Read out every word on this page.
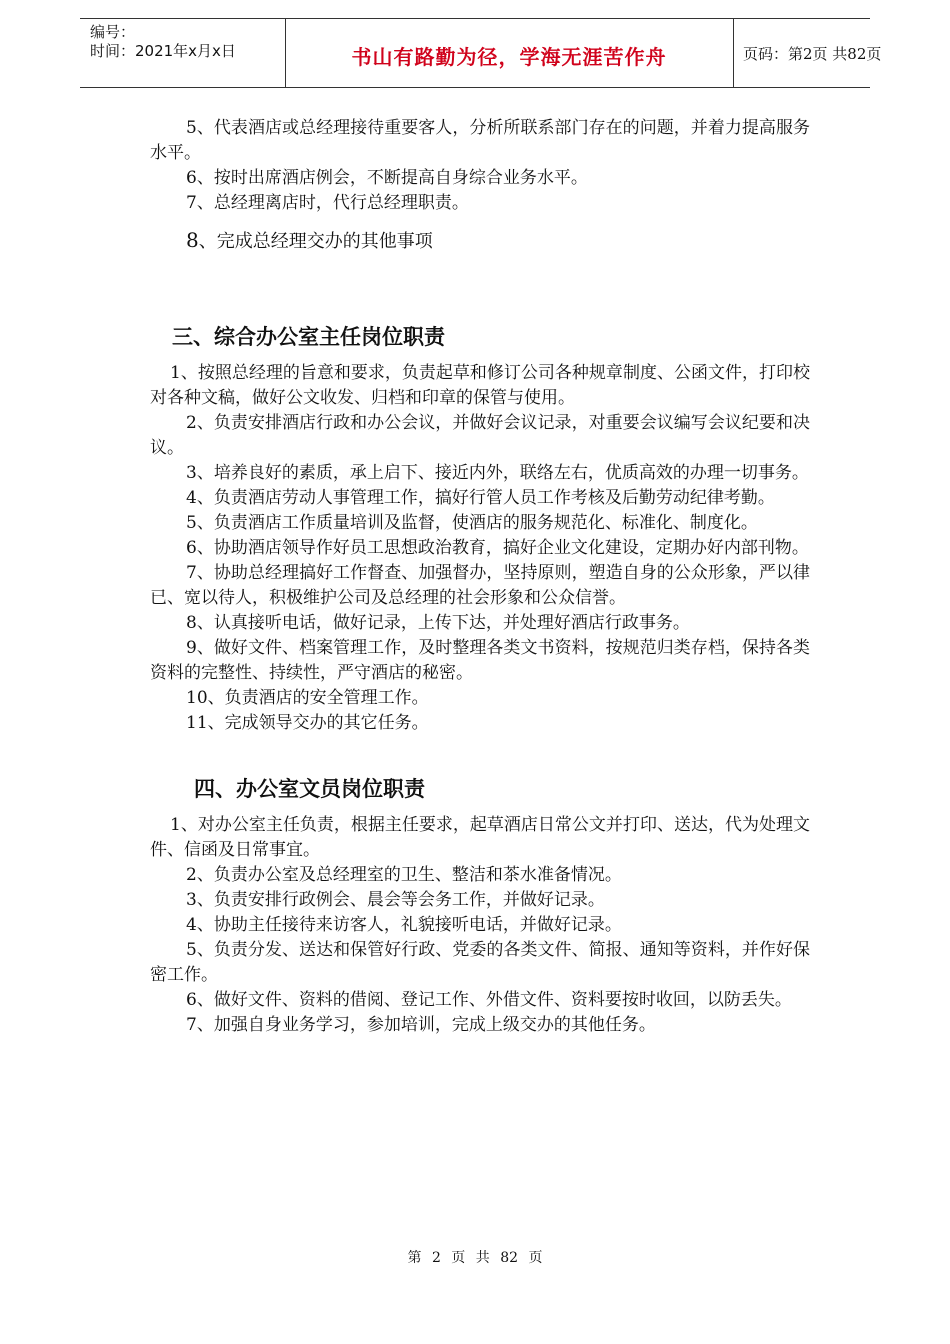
编号：
时间：2021年x月x日	书山有路勤为径，学海无涯苦作舟	页码：第2页 共82页

5、代表酒店或总经理接待重要客人，分析所联系部门存在的问题，并着力提高服务水平。

6、按时出席酒店例会，不断提高自身综合业务水平。

7、总经理离店时，代行总经理职责。

8、完成总经理交办的其他事项

三、综合办公室主任岗位职责

1、按照总经理的旨意和要求，负责起草和修订公司各种规章制度、公函文件，打印校对各种文稿，做好公文收发、归档和印章的保管与使用。

2、负责安排酒店行政和办公会议，并做好会议记录，对重要会议编写会议纪要和决议。

3、培养良好的素质，承上启下、接近内外，联络左右，优质高效的办理一切事务。

4、负责酒店劳动人事管理工作，搞好行管人员工作考核及后勤劳动纪律考勤。

5、负责酒店工作质量培训及监督，使酒店的服务规范化、标准化、制度化。

6、协助酒店领导作好员工思想政治教育，搞好企业文化建设，定期办好内部刊物。

7、协助总经理搞好工作督查、加强督办，坚持原则，塑造自身的公众形象，严以律已、宽以待人，积极维护公司及总经理的社会形象和公众信誉。

8、认真接听电话，做好记录，上传下达，并处理好酒店行政事务。

9、做好文件、档案管理工作，及时整理各类文书资料，按规范归类存档，保持各类资料的完整性、持续性，严守酒店的秘密。

10、负责酒店的安全管理工作。

11、完成领导交办的其它任务。

四、办公室文员岗位职责

1、对办公室主任负责，根据主任要求，起草酒店日常公文并打印、送达，代为处理文件、信函及日常事宜。

2、负责办公室及总经理室的卫生、整洁和茶水准备情况。

3、负责安排行政例会、晨会等会务工作，并做好记录。

4、协助主任接待来访客人，礼貌接听电话，并做好记录。

5、负责分发、送达和保管好行政、党委的各类文件、简报、通知等资料，并作好保密工作。

6、做好文件、资料的借阅、登记工作、外借文件、资料要按时收回，以防丢失。

7、加强自身业务学习，参加培训，完成上级交办的其他任务。

第 2 页 共 82 页
